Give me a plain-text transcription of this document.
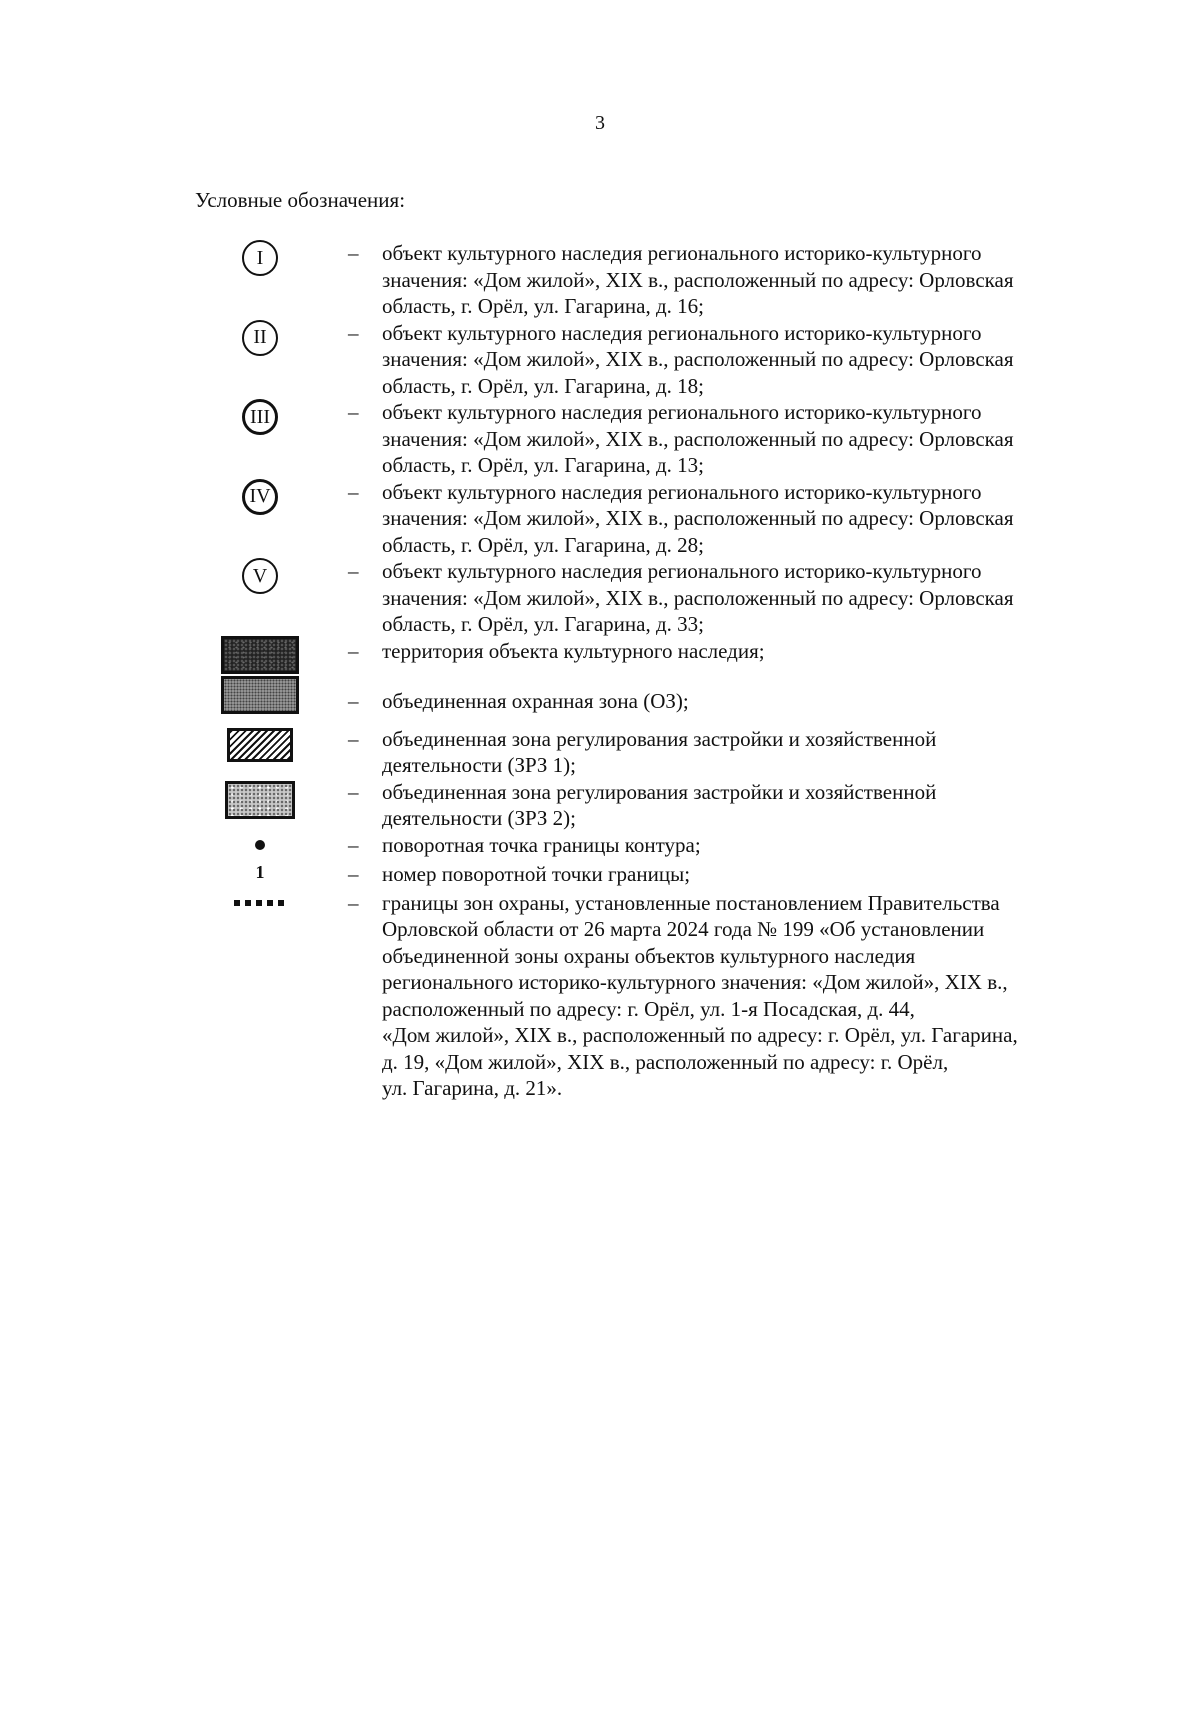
3
Условные обозначения:
I	– объект культурного наследия регионального историко-культурного
значения: «Дом жилой», XIX в., расположенный по адресу: Орловская
область, г. Орёл, ул. Гагарина, д. 16;
II	– объект культурного наследия регионального историко-культурного
значения: «Дом жилой», XIX в., расположенный по адресу: Орловская
область, г. Орёл, ул. Гагарина, д. 18;
III	– объект культурного наследия регионального историко-культурного
значения: «Дом жилой», XIX в., расположенный по адресу: Орловская
область, г. Орёл, ул. Гагарина, д. 13;
IV	– объект культурного наследия регионального историко-культурного
значения: «Дом жилой», XIX в., расположенный по адресу: Орловская
область, г. Орёл, ул. Гагарина, д. 28;
V	– объект культурного наследия регионального историко-культурного
значения: «Дом жилой», XIX в., расположенный по адресу: Орловская
область, г. Орёл, ул. Гагарина, д. 33;
– территория объекта культурного наследия;
– объединенная охранная зона (ОЗ);
– объединенная зона регулирования застройки и хозяйственной
деятельности (ЗРЗ 1);
– объединенная зона регулирования застройки и хозяйственной
деятельности (ЗРЗ 2);
– поворотная точка границы контура;
1	– номер поворотной точки границы;
– границы зон охраны, установленные постановлением Правительства
Орловской области от 26 марта 2024 года № 199 «Об установлении
объединенной зоны охраны объектов культурного наследия
регионального историко-культурного значения: «Дом жилой», XIX в.,
расположенный по адресу: г. Орёл, ул. 1-я Посадская, д. 44,
«Дом жилой», XIX в., расположенный по адресу: г. Орёл, ул. Гагарина,
д. 19, «Дом жилой», XIX в., расположенный по адресу: г. Орёл,
ул. Гагарина, д. 21».
